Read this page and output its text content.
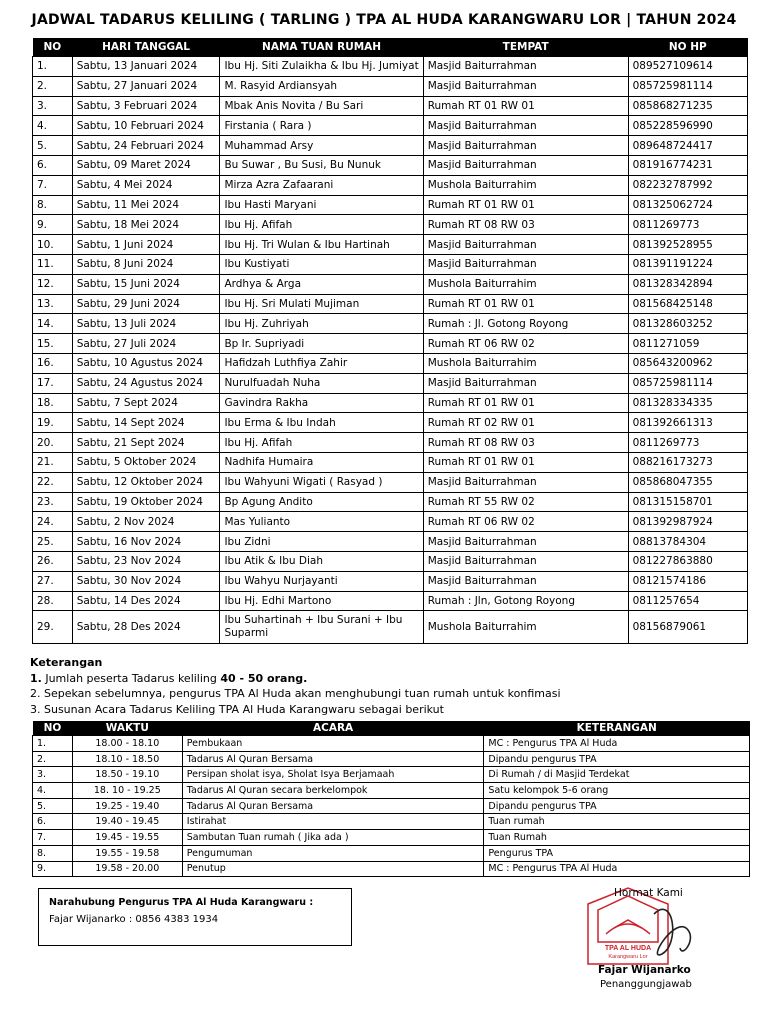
JADWAL TADARUS KELILING ( TARLING ) TPA AL HUDA KARANGWARU LOR | TAHUN 2024
NO	HARI TANGGAL	NAMA TUAN RUMAH	TEMPAT	NO HP
1.	Sabtu, 13 Januari 2024	Ibu Hj. Siti Zulaikha & Ibu Hj. Jumiyat	Masjid Baiturrahman	089527109614
2.	Sabtu, 27 Januari 2024	M. Rasyid Ardiansyah	Masjid Baiturrahman	085725981114
3.	Sabtu, 3 Februari 2024	Mbak Anis Novita / Bu Sari	Rumah RT 01 RW 01	085868271235
4.	Sabtu, 10 Februari 2024	Firstania ( Rara )	Masjid Baiturrahman	085228596990
5.	Sabtu, 24 Februari 2024	Muhammad Arsy	Masjid Baiturrahman	089648724417
6.	Sabtu, 09 Maret 2024	Bu Suwar , Bu Susi, Bu Nunuk	Masjid Baiturrahman	081916774231
7.	Sabtu, 4 Mei 2024	Mirza Azra Zafaarani	Mushola Baiturrahim	082232787992
8.	Sabtu, 11 Mei 2024	Ibu Hasti Maryani	Rumah RT 01 RW 01	081325062724
9.	Sabtu, 18 Mei 2024	Ibu Hj. Afifah	Rumah RT 08 RW 03	0811269773
10.	Sabtu, 1 Juni 2024	Ibu Hj. Tri Wulan & Ibu Hartinah	Masjid Baiturrahman	081392528955
11.	Sabtu, 8 Juni 2024	Ibu Kustiyati	Masjid Baiturrahman	081391191224
12.	Sabtu, 15 Juni 2024	Ardhya & Arga	Mushola Baiturrahim	081328342894
13.	Sabtu, 29 Juni 2024	Ibu Hj. Sri Mulati Mujiman	Rumah RT 01 RW 01	081568425148
14.	Sabtu, 13 Juli 2024	Ibu Hj. Zuhriyah	Rumah : Jl. Gotong Royong	081328603252
15.	Sabtu, 27 Juli 2024	Bp Ir. Supriyadi	Rumah RT 06 RW 02	0811271059
16.	Sabtu, 10 Agustus 2024	Hafidzah Luthfiya Zahir	Mushola Baiturrahim	085643200962
17.	Sabtu, 24 Agustus 2024	Nurulfuadah Nuha	Masjid Baiturrahman	085725981114
18.	Sabtu, 7 Sept 2024	Gavindra Rakha	Rumah RT 01 RW 01	081328334335
19.	Sabtu, 14 Sept 2024	Ibu Erma & Ibu Indah	Rumah RT 02 RW 01	081392661313
20.	Sabtu, 21 Sept 2024	Ibu Hj. Afifah	Rumah RT 08 RW 03	0811269773
21.	Sabtu, 5 Oktober 2024	Nadhifa Humaira	Rumah RT 01 RW 01	088216173273
22.	Sabtu, 12 Oktober 2024	Ibu Wahyuni Wigati ( Rasyad )	Masjid Baiturrahman	085868047355
23.	Sabtu, 19 Oktober 2024	Bp Agung Andito	Rumah RT 55 RW 02	081315158701
24.	Sabtu, 2 Nov 2024	Mas Yulianto	Rumah RT 06 RW 02	081392987924
25.	Sabtu, 16 Nov 2024	Ibu Zidni	Masjid Baiturrahman	08813784304
26.	Sabtu, 23 Nov 2024	Ibu Atik & Ibu Diah	Masjid Baiturrahman	081227863880
27.	Sabtu, 30 Nov 2024	Ibu Wahyu Nurjayanti	Masjid Baiturrahman	08121574186
28.	Sabtu, 14 Des 2024	Ibu Hj. Edhi Martono	Rumah : Jln, Gotong Royong	0811257654
29.	Sabtu, 28 Des 2024	Ibu Suhartinah + Ibu Surani + Ibu Suparmi	Mushola Baiturrahim	08156879061
Keterangan
1. Jumlah peserta Tadarus keliling 40 - 50 orang.
2. Sepekan sebelumnya, pengurus TPA Al Huda akan menghubungi tuan rumah untuk konfimasi
3. Susunan Acara Tadarus Keliling TPA Al Huda Karangwaru sebagai berikut
NO	WAKTU	ACARA	KETERANGAN
1.	18.00 - 18.10	Pembukaan	MC : Pengurus TPA Al Huda
2.	18.10 - 18.50	Tadarus Al Quran Bersama	Dipandu pengurus TPA
3.	18.50 - 19.10	Persipan sholat isya, Sholat Isya Berjamaah	Di Rumah / di Masjid Terdekat
4.	18. 10 - 19.25	Tadarus Al Quran secara berkelompok	Satu kelompok 5-6 orang
5.	19.25 - 19.40	Tadarus Al Quran Bersama	Dipandu pengurus TPA
6.	19.40 - 19.45	Istirahat	Tuan rumah
7.	19.45 - 19.55	Sambutan Tuan rumah ( Jika ada )	Tuan Rumah
8.	19.55 - 19.58	Pengumuman	Pengurus TPA
9.	19.58 - 20.00	Penutup	MC : Pengurus TPA Al Huda
Narahubung Pengurus TPA Al Huda Karangwaru :
Fajar Wijanarko : 0856 4383 1934
TPA AL HUDA
Karangwaru Lor
Hormat Kami
Fajar Wijanarko
Penanggungjawab
